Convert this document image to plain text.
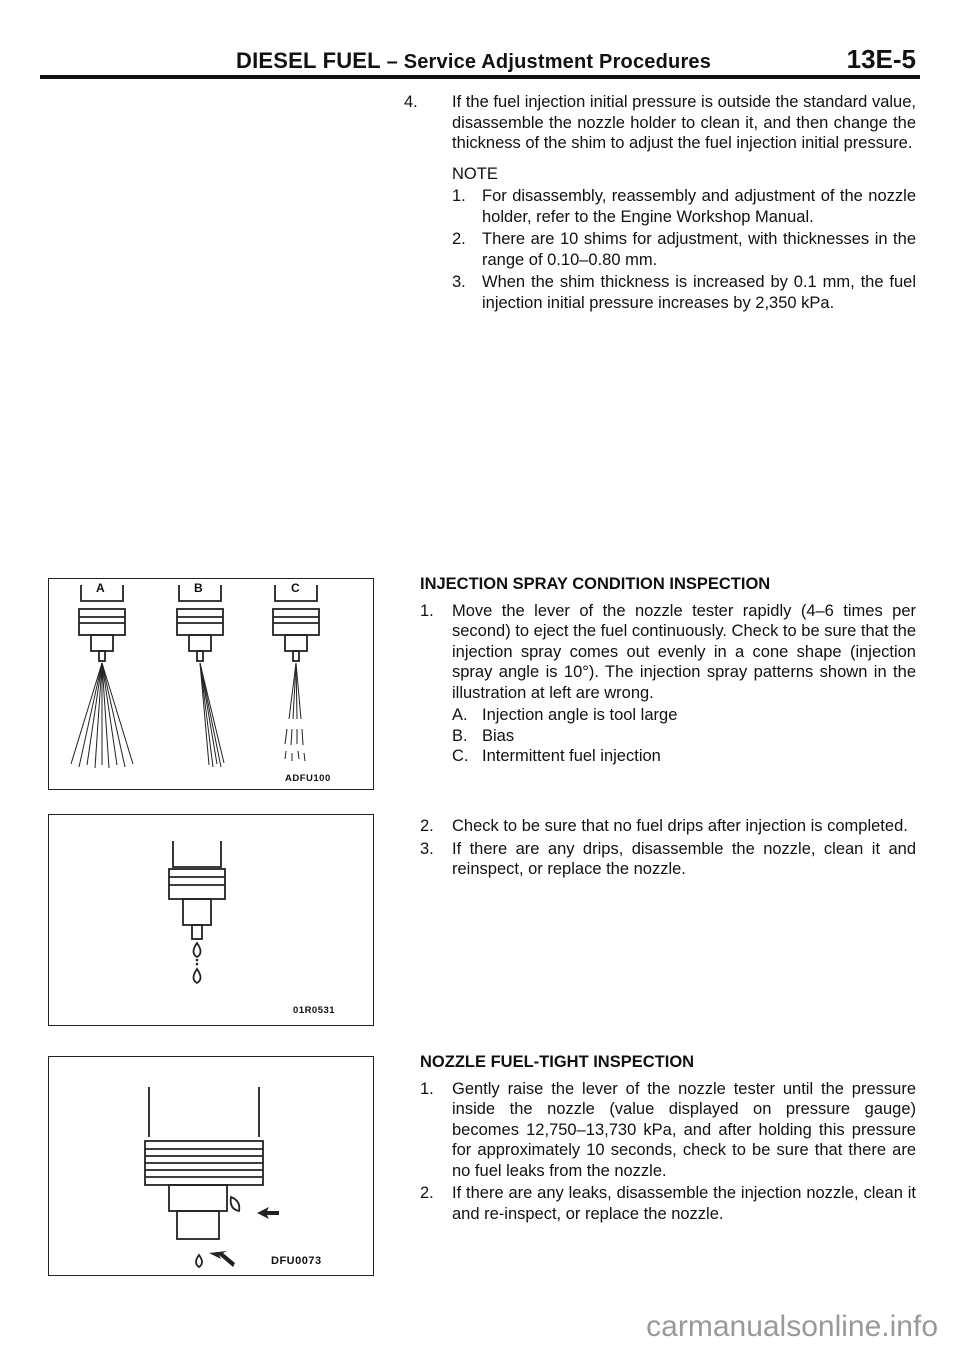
DIESEL FUEL – Service Adjustment Procedures	13E-5
4. If the fuel injection initial pressure is outside the standard value, disassemble the nozzle holder to clean it, and then change the thickness of the shim to adjust the fuel injection initial pressure.
NOTE
1. For disassembly, reassembly and adjustment of the nozzle holder, refer to the Engine Workshop Manual.
2. There are 10 shims for adjustment, with thicknesses in the range of 0.10–0.80 mm.
3. When the shim thickness is increased by 0.1 mm, the fuel injection initial pressure increases by 2,350 kPa.
INJECTION SPRAY CONDITION INSPECTION
1. Move the lever of the nozzle tester rapidly (4–6 times per second) to eject the fuel continuously. Check to be sure that the injection spray comes out evenly in a cone shape (injection spray angle is 10°). The injection spray patterns shown in the illustration at left are wrong.
A. Injection angle is tool large
B. Bias
C. Intermittent fuel injection
2. Check to be sure that no fuel drips after injection is completed.
3. If there are any drips, disassemble the nozzle, clean it and reinspect, or replace the nozzle.
NOZZLE FUEL-TIGHT INSPECTION
1. Gently raise the lever of the nozzle tester until the pressure inside the nozzle (value displayed on pressure gauge) becomes 12,750–13,730 kPa, and after holding this pressure for approximately 10 seconds, check to be sure that there are no fuel leaks from the nozzle.
2. If there are any leaks, disassemble the injection nozzle, clean it and re-inspect, or replace the nozzle.
A	B	C
ADFU100
01R0531
DFU0073
carmanualsonline.info
